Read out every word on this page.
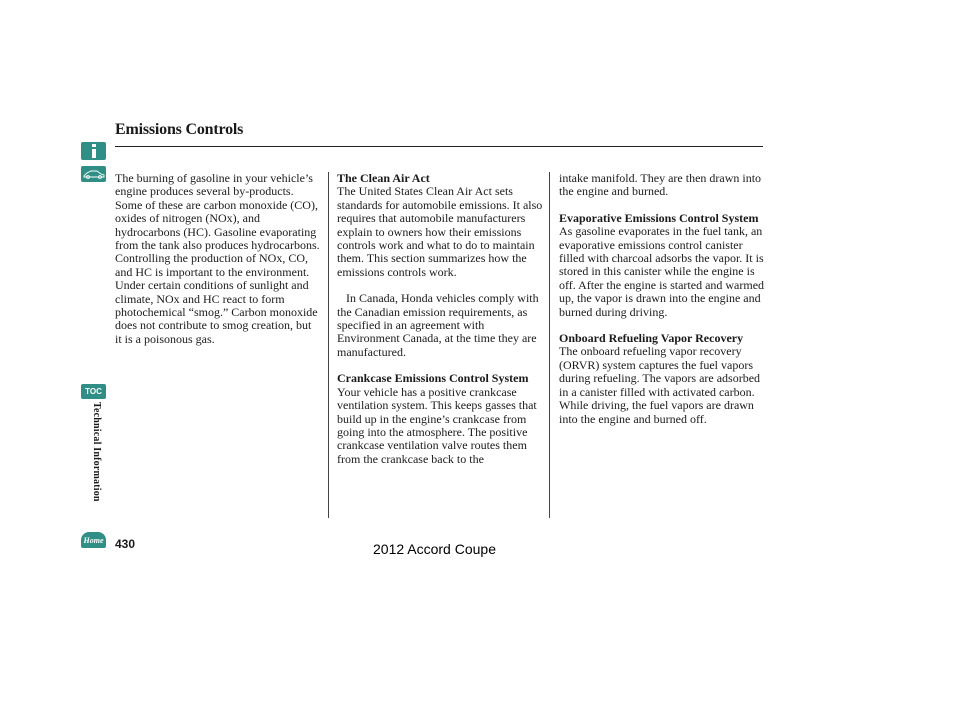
TOC
Technical Information
Home
Emissions Controls

The burning of gasoline in your vehicle’s engine produces several by-products. Some of these are carbon monoxide (CO), oxides of nitrogen (NOx), and hydrocarbons (HC). Gasoline evaporating from the tank also produces hydrocarbons. Controlling the production of NOx, CO, and HC is important to the environment. Under certain conditions of sunlight and climate, NOx and HC react to form photochemical “smog.” Carbon monoxide does not contribute to smog creation, but it is a poisonous gas.

The Clean Air Act

The United States Clean Air Act sets standards for automobile emissions. It also requires that automobile manufacturers explain to owners how their emissions controls work and what to do to maintain them. This section summarizes how the emissions controls work.

In Canada, Honda vehicles comply with the Canadian emission requirements, as specified in an agreement with Environment Canada, at the time they are manufactured.

Crankcase Emissions Control System

Your vehicle has a positive crankcase ventilation system. This keeps gasses that build up in the engine’s crankcase from going into the atmosphere. The positive crankcase ventilation valve routes them from the crankcase back to the

intake manifold. They are then drawn into the engine and burned.

Evaporative Emissions Control System

As gasoline evaporates in the fuel tank, an evaporative emissions control canister filled with charcoal adsorbs the vapor. It is stored in this canister while the engine is off. After the engine is started and warmed up, the vapor is drawn into the engine and burned during driving.

Onboard Refueling Vapor Recovery

The onboard refueling vapor recovery (ORVR) system captures the fuel vapors during refueling. The vapors are adsorbed in a canister filled with activated carbon. While driving, the fuel vapors are drawn into the engine and burned off.

430	2012 Accord Coupe
